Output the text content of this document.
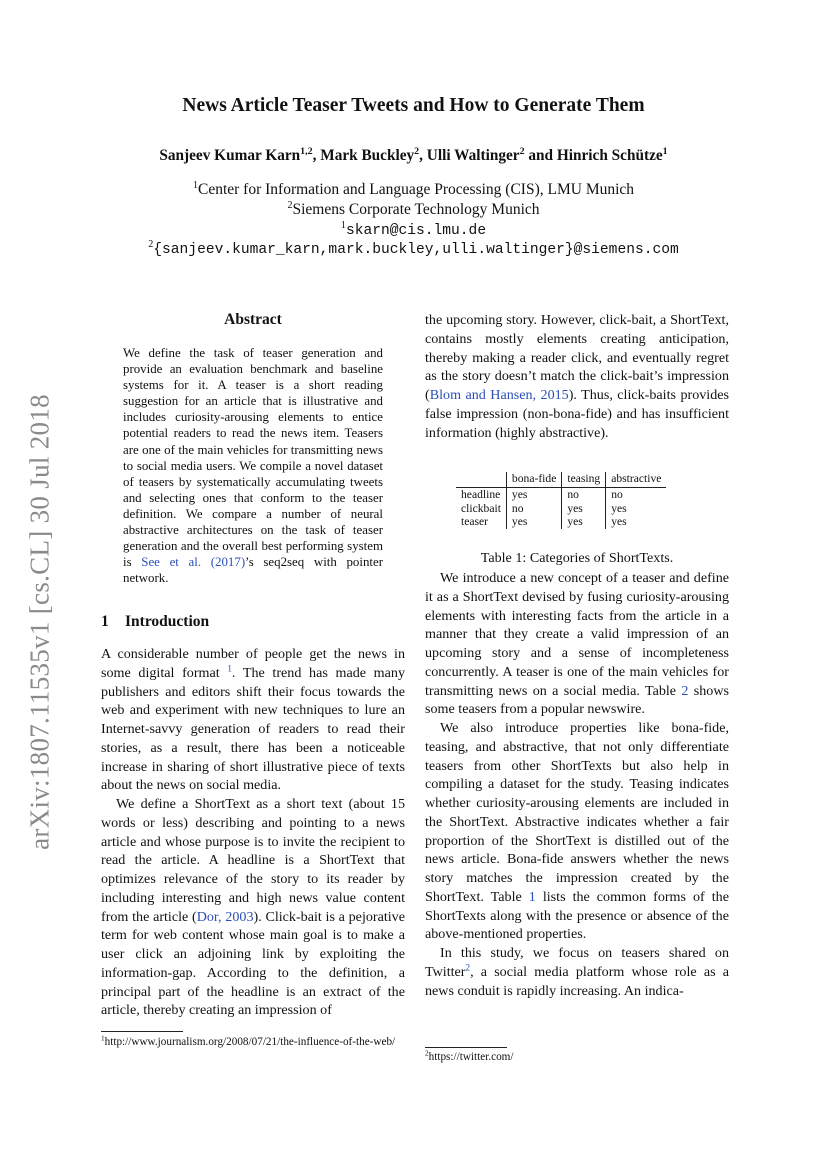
arXiv:1807.11535v1 [cs.CL] 30 Jul 2018
News Article Teaser Tweets and How to Generate Them
Sanjeev Kumar Karn$^{1,2}$, Mark Buckley$^2$, Ulli Waltinger$^2$ and Hinrich Schütze$^1$
$^1$Center for Information and Language Processing (CIS), LMU Munich
$^2$Siemens Corporate Technology Munich
$^1$skarn@cis.lmu.de
$^2${sanjeev.kumar_karn,mark.buckley,ulli.waltinger}@siemens.com
Abstract
We define the task of teaser generation and provide an evaluation benchmark and baseline systems for it. A teaser is a short reading suggestion for an article that is illustrative and includes curiosity-arousing elements to entice potential readers to read the news item. Teasers are one of the main vehicles for transmitting news to social media users. We compile a novel dataset of teasers by systematically accumulating tweets and selecting ones that conform to the teaser definition. We compare a number of neural abstractive architectures on the task of teaser generation and the overall best performing system is See et al. (2017)’s seq2seq with pointer network.
1 Introduction

A considerable number of people get the news in some digital format $^1$. The trend has made many publishers and editors shift their focus towards the web and experiment with new techniques to lure an Internet-savvy generation of readers to read their stories, as a result, there has been a noticeable increase in sharing of short illustrative piece of texts about the news on social media.

We define a ShortText as a short text (about 15 words or less) describing and pointing to a news article and whose purpose is to invite the recipient to read the article. A headline is a ShortText that optimizes relevance of the story to its reader by including interesting and high news value content from the article (Dor, 2003). Click-bait is a pejorative term for web content whose main goal is to make a user click an adjoining link by exploiting the information-gap. According to the definition, a principal part of the headline is an extract of the article, thereby creating an impression of

$^1$http://www.journalism.org/2008/07/21/the-influence-of-the-web/
the upcoming story. However, click-bait, a ShortText, contains mostly elements creating anticipation, thereby making a reader click, and eventually regret as the story doesn’t match the click-bait’s impression (Blom and Hansen, 2015). Thus, click-baits provides false impression (non-bona-fide) and has insufficient information (highly abstractive).
	bona-fide	teasing	abstractive
headline	yes	no	no
clickbait	no	yes	yes
teaser	yes	yes	yes
Table 1: Categories of ShortTexts.

We introduce a new concept of a teaser and define it as a ShortText devised by fusing curiosity-arousing elements with interesting facts from the article in a manner that they create a valid impression of an upcoming story and a sense of incompleteness concurrently. A teaser is one of the main vehicles for transmitting news on a social media. Table 2 shows some teasers from a popular newswire.

We also introduce properties like bona-fide, teasing, and abstractive, that not only differentiate teasers from other ShortTexts but also help in compiling a dataset for the study. Teasing indicates whether curiosity-arousing elements are included in the ShortText. Abstractive indicates whether a fair proportion of the ShortText is distilled out of the news article. Bona-fide answers whether the news story matches the impression created by the ShortText. Table 1 lists the common forms of the ShortTexts along with the presence or absence of the above-mentioned properties.

In this study, we focus on teasers shared on Twitter$^2$, a social media platform whose role as a news conduit is rapidly increasing. An indica-

$^2$https://twitter.com/
